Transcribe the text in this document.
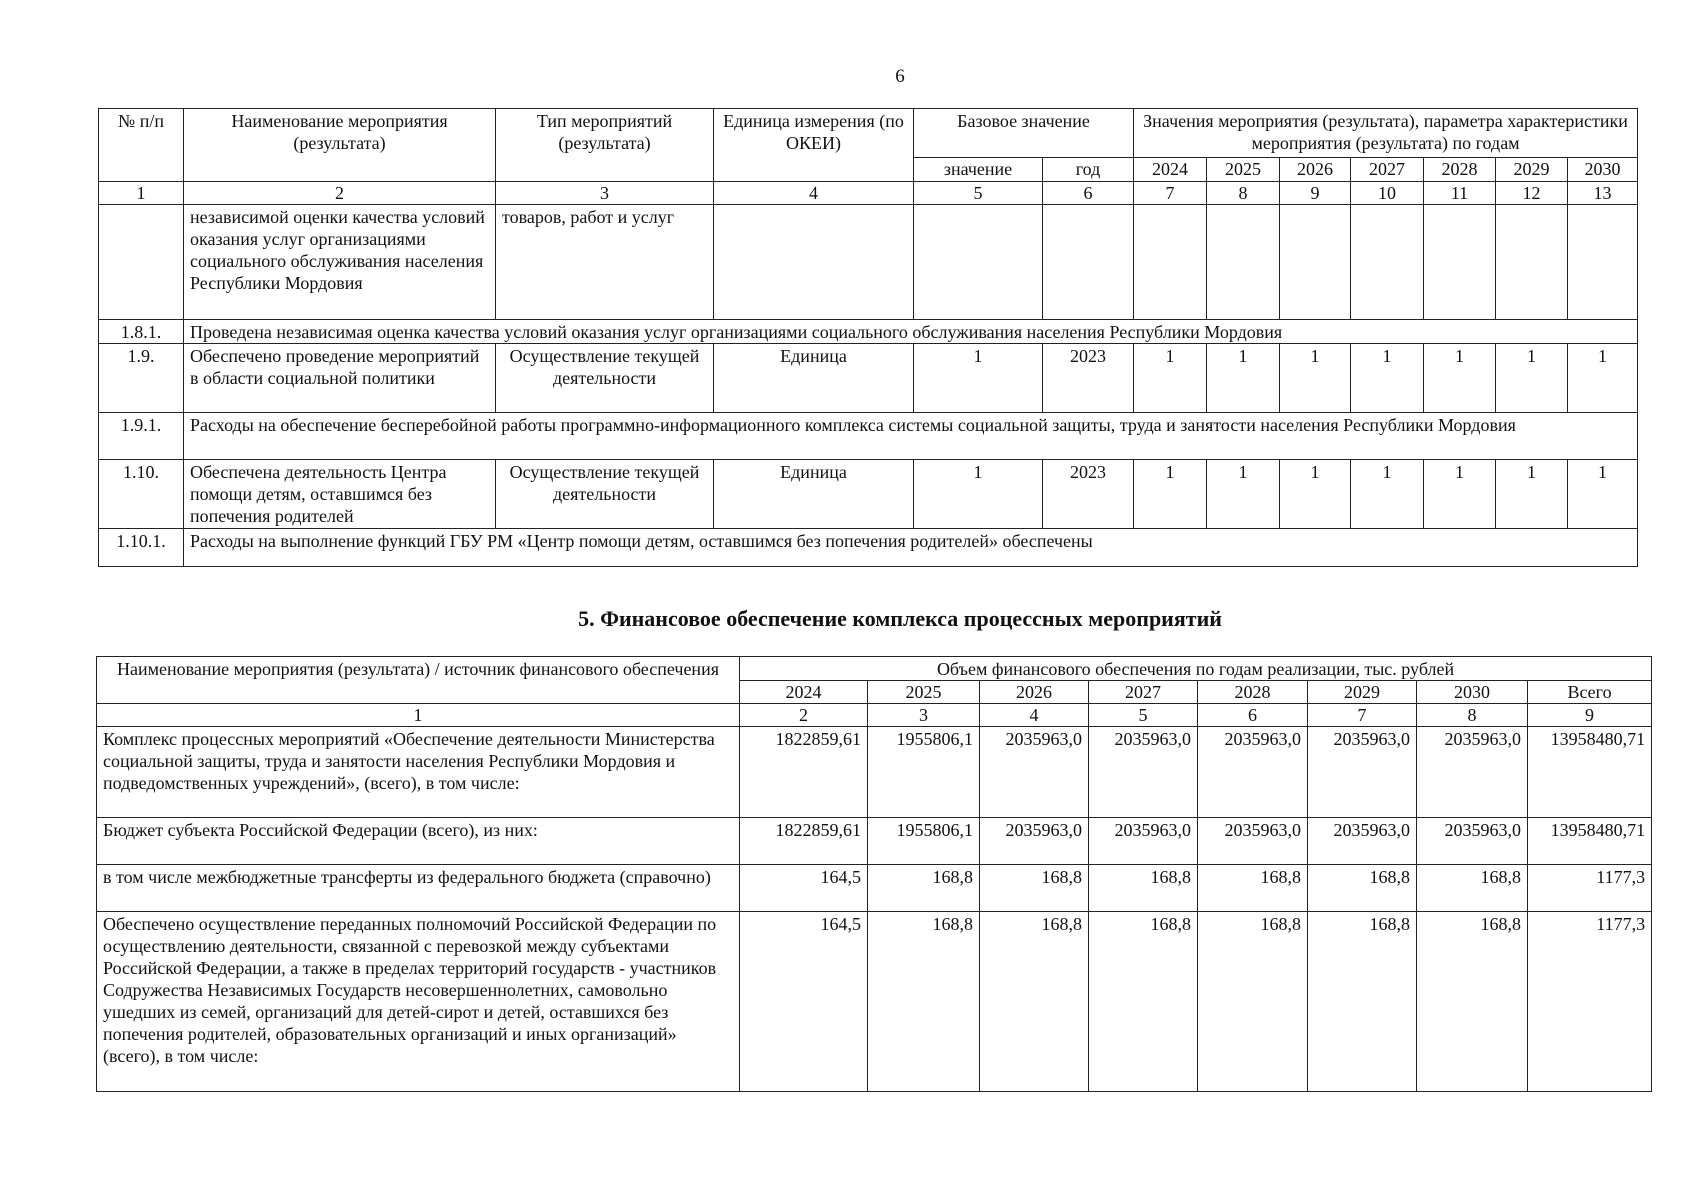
6
№ п/п	Наименование мероприятия (результата)	Тип мероприятий (результата)	Единица измерения (по ОКЕИ)	Базовое значение		Значения мероприятия (результата), параметра характеристики мероприятия (результата) по годам						
				значение	год	2024	2025	2026	2027	2028	2029	2030
1	2	3	4	5	6	7	8	9	10	11	12	13
	независимой оценки качества условий оказания услуг организациями социального обслуживания населения Республики Мордовия	товаров, работ и услуг										
1.8.1.	Проведена независимая оценка качества условий оказания услуг организациями социального обслуживания населения Республики Мордовия											
1.9.	Обеспечено проведение мероприятий в области социальной политики	Осуществление текущей деятельности	Единица	1	2023	1	1	1	1	1	1	1
1.9.1.	Расходы на обеспечение бесперебойной работы программно-информационного комплекса системы социальной защиты, труда и занятости населения Республики Мордовия											
1.10.	Обеспечена деятельность Центра помощи детям, оставшимся без попечения родителей	Осуществление текущей деятельности	Единица	1	2023	1	1	1	1	1	1	1
1.10.1.	Расходы на выполнение функций ГБУ РМ «Центр помощи детям, оставшимся без попечения родителей» обеспечены											
5. Финансовое обеспечение комплекса процессных мероприятий
Наименование мероприятия (результата) / источник финансового обеспечения	Объем финансового обеспечения по годам реализации, тыс. рублей							
	2024	2025	2026	2027	2028	2029	2030	Всего
1	2	3	4	5	6	7	8	9
Комплекс процессных мероприятий «Обеспечение деятельности Министерства социальной защиты, труда и занятости населения Республики Мордовия и подведомственных учреждений», (всего), в том числе:	1822859,61	1955806,1	2035963,0	2035963,0	2035963,0	2035963,0	2035963,0	13958480,71
Бюджет субъекта Российской Федерации (всего), из них:	1822859,61	1955806,1	2035963,0	2035963,0	2035963,0	2035963,0	2035963,0	13958480,71
в том числе межбюджетные трансферты из федерального бюджета (справочно)	164,5	168,8	168,8	168,8	168,8	168,8	168,8	1177,3
Обеспечено осуществление переданных полномочий Российской Федерации по осуществлению деятельности, связанной с перевозкой между субъектами Российской Федерации, а также в пределах территорий государств - участников Содружества Независимых Государств несовершеннолетних, самовольно ушедших из семей, организаций для детей-сирот и детей, оставшихся без попечения родителей, образовательных организаций и иных организаций» (всего), в том числе:	164,5	168,8	168,8	168,8	168,8	168,8	168,8	1177,3
